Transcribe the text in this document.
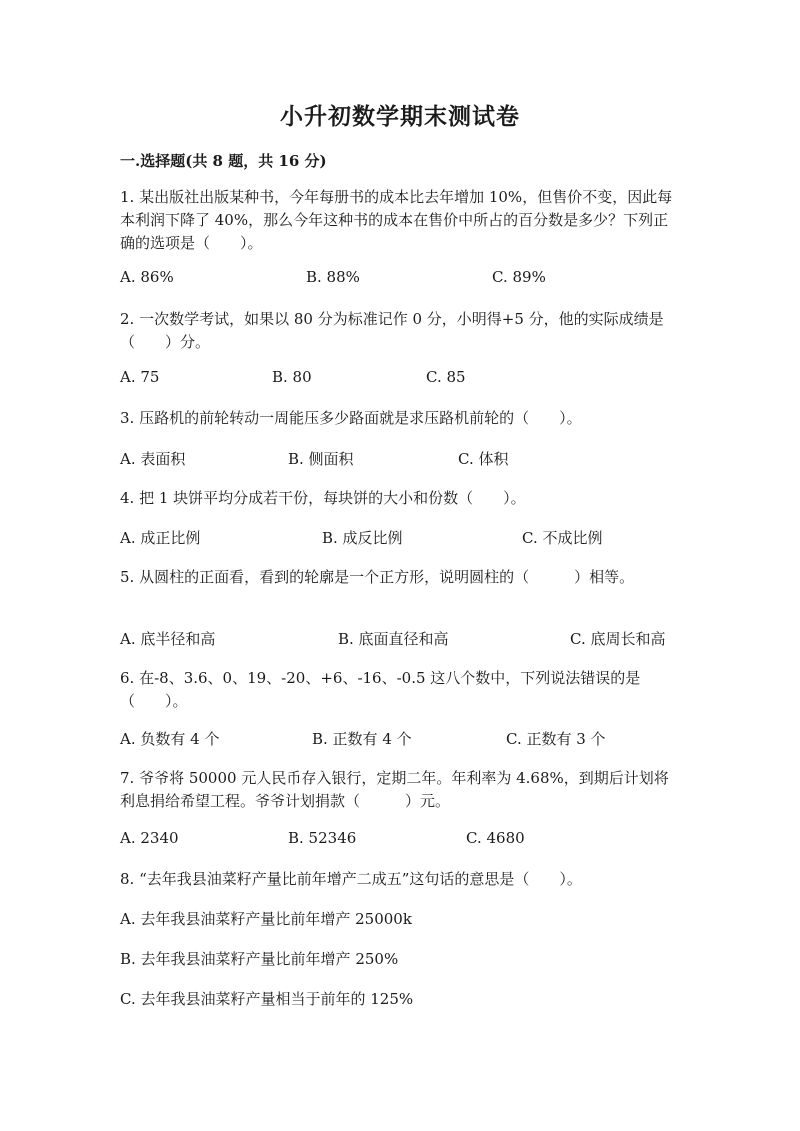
小升初数学期末测试卷
一.选择题(共 8 题，共 16 分)
1. 某出版社出版某种书，今年每册书的成本比去年增加 10%，但售价不变，因此每本利润下降了 40%，那么今年这种书的成本在售价中所占的百分数是多少？下列正确的选项是（　　）。
A. 86%	B. 88%	C. 89%
2. 一次数学考试，如果以 80 分为标准记作 0 分，小明得+5 分，他的实际成绩是（　　）分。
A. 75	B. 80	C. 85
3. 压路机的前轮转动一周能压多少路面就是求压路机前轮的（　　）。
A. 表面积	B. 侧面积	C. 体积
4. 把 1 块饼平均分成若干份，每块饼的大小和份数（　　）。
A. 成正比例	B. 成反比例	C. 不成比例
5. 从圆柱的正面看，看到的轮廓是一个正方形，说明圆柱的（　　　）相等。
A. 底半径和高	B. 底面直径和高	C. 底周长和高
6. 在-8、3.6、0、19、-20、+6、-16、-0.5 这八个数中，下列说法错误的是（　　）。
A. 负数有 4 个	B. 正数有 4 个	C. 正数有 3 个
7. 爷爷将 50000 元人民币存入银行，定期二年。年利率为 4.68%，到期后计划将利息捐给希望工程。爷爷计划捐款（　　　）元。
A. 2340	B. 52346	C. 4680
8. “去年我县油菜籽产量比前年增产二成五”这句话的意思是（　　）。
A. 去年我县油菜籽产量比前年增产 25000k
B. 去年我县油菜籽产量比前年增产 250%
C. 去年我县油菜籽产量相当于前年的 125%
